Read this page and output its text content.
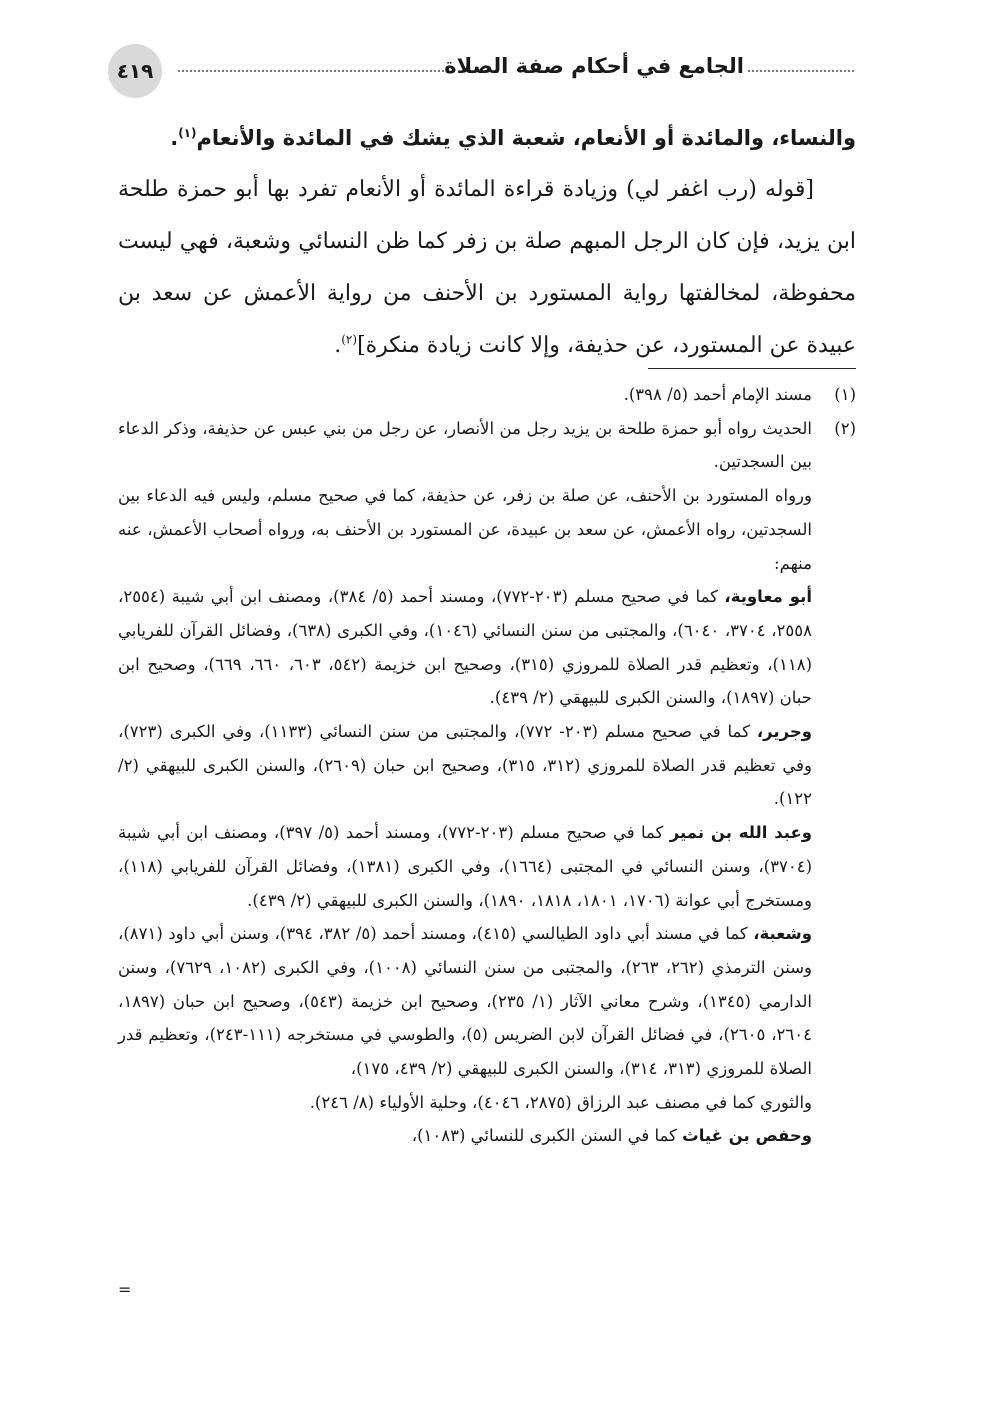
٤١٩	الجامع في أحكام صفة الصلاة

والنساء، والمائدة أو الأنعام، شعبة الذي يشك في المائدة والأنعام$^{(١)}$.

[قوله (رب اغفر لي) وزيادة قراءة المائدة أو الأنعام تفرد بها أبو حمزة طلحة ابن يزيد، فإن كان الرجل المبهم صلة بن زفر كما ظن النسائي وشعبة، فهي ليست محفوظة، لمخالفتها رواية المستورد بن الأحنف من رواية الأعمش عن سعد بن عبيدة عن المستورد، عن حذيفة، وإلا كانت زيادة منكرة]$^{(٢)}$.

(١)
مسند الإمام أحمد (٥/ ٣٩٨).
(٢)
الحديث رواه أبو حمزة طلحة بن يزيد رجل من الأنصار، عن رجل من بني عبس عن حذيفة، وذكر الدعاء بين السجدتين.

ورواه المستورد بن الأحنف، عن صلة بن زفر، عن حذيفة، كما في صحيح مسلم، وليس فيه الدعاء بين السجدتين، رواه الأعمش، عن سعد بن عبيدة، عن المستورد بن الأحنف به، ورواه أصحاب الأعمش، عنه منهم:

أبو معاوية، كما في صحيح مسلم (٢٠٣-٧٧٢)، ومسند أحمد (٥/ ٣٨٤)، ومصنف ابن أبي شيبة (٢٥٥٤، ٢٥٥٨، ٣٧٠٤، ٦٠٤٠)، والمجتبى من سنن النسائي (١٠٤٦)، وفي الكبرى (٦٣٨)، وفضائل القرآن للفريابي (١١٨)، وتعظيم قدر الصلاة للمروزي (٣١٥)، وصحيح ابن خزيمة (٥٤٢، ٦٠٣، ٦٦٠، ٦٦٩)، وصحيح ابن حبان (١٨٩٧)، والسنن الكبرى للبيهقي (٢/ ٤٣٩).

وجرير، كما في صحيح مسلم (٢٠٣- ٧٧٢)، والمجتبى من سنن النسائي (١١٣٣)، وفي الكبرى (٧٢٣)، وفي تعظيم قدر الصلاة للمروزي (٣١٢، ٣١٥)، وصحيح ابن حبان (٢٦٠٩)، والسنن الكبرى للبيهقي (٢/ ١٢٢).

وعبد الله بن نمير كما في صحيح مسلم (٢٠٣-٧٧٢)، ومسند أحمد (٥/ ٣٩٧)، ومصنف ابن أبي شيبة (٣٧٠٤)، وسنن النسائي في المجتبى (١٦٦٤)، وفي الكبرى (١٣٨١)، وفضائل القرآن للفريابي (١١٨)، ومستخرج أبي عوانة (١٧٠٦، ١٨٠١، ١٨١٨، ١٨٩٠)، والسنن الكبرى للبيهقي (٢/ ٤٣٩).

وشعبة، كما في مسند أبي داود الطيالسي (٤١٥)، ومسند أحمد (٥/ ٣٨٢، ٣٩٤)، وسنن أبي داود (٨٧١)، وسنن الترمذي (٢٦٢، ٢٦٣)، والمجتبى من سنن النسائي (١٠٠٨)، وفي الكبرى (١٠٨٢، ٧٦٢٩)، وسنن الدارمي (١٣٤٥)، وشرح معاني الآثار (١/ ٢٣٥)، وصحيح ابن خزيمة (٥٤٣)، وصحيح ابن حبان (١٨٩٧، ٢٦٠٤، ٢٦٠٥)، في فضائل القرآن لابن الضريس (٥)، والطوسي في مستخرجه (١١١-٢٤٣)، وتعظيم قدر الصلاة للمروزي (٣١٣، ٣١٤)، والسنن الكبرى للبيهقي (٢/ ٤٣٩، ١٧٥)،

والثوري كما في مصنف عبد الرزاق (٢٨٧٥، ٤٠٤٦)، وحلية الأولياء (٨/ ٢٤٦).

وحفص بن غياث كما في السنن الكبرى للنسائي (١٠٨٣)،

=
